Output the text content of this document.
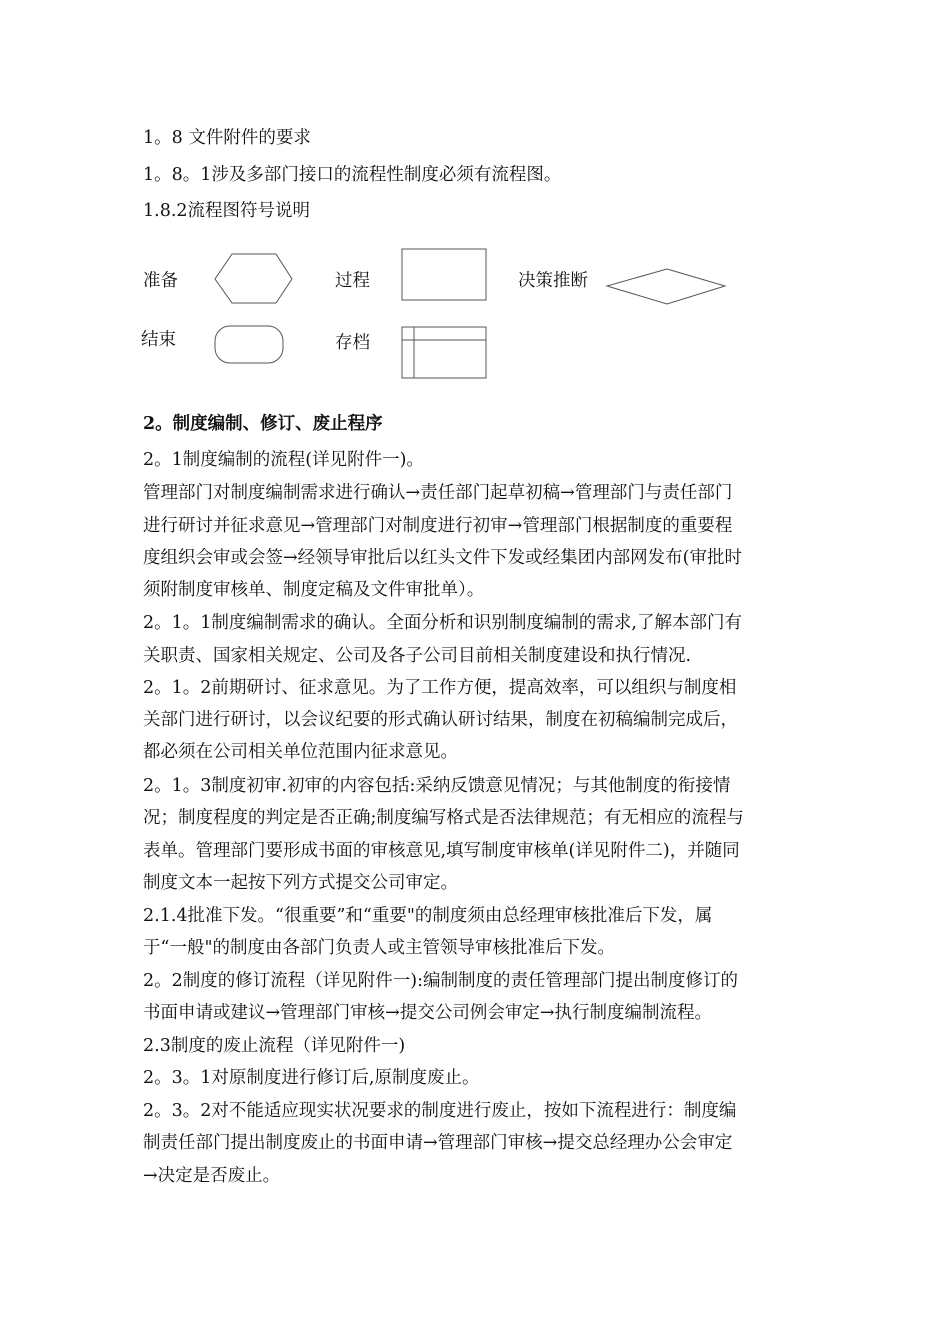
1。8 文件附件的要求
1。8。1涉及多部门接口的流程性制度必须有流程图。
1.8.2流程图符号说明
准备	过程	决策推断
结束	存档
2。制度编制、修订、废止程序
2。1制度编制的流程(详见附件一)。
管理部门对制度编制需求进行确认→责任部门起草初稿→管理部门与责任部门
进行研讨并征求意见→管理部门对制度进行初审→管理部门根据制度的重要程
度组织会审或会签→经领导审批后以红头文件下发或经集团内部网发布(审批时
须附制度审核单、制度定稿及文件审批单）。
2。1。1制度编制需求的确认。全面分析和识别制度编制的需求,了解本部门有
关职责、国家相关规定、公司及各子公司目前相关制度建设和执行情况.
2。1。2前期研讨、征求意见。为了工作方便，提高效率，可以组织与制度相
关部门进行研讨，以会议纪要的形式确认研讨结果，制度在初稿编制完成后，
都必须在公司相关单位范围内征求意见。
2。1。3制度初审.初审的内容包括:采纳反馈意见情况；与其他制度的衔接情
况；制度程度的判定是否正确;制度编写格式是否法律规范；有无相应的流程与
表单。管理部门要形成书面的审核意见,填写制度审核单(详见附件二)，并随同
制度文本一起按下列方式提交公司审定。
2.1.4批准下发。“很重要”和“重要"的制度须由总经理审核批准后下发，属
于“一般"的制度由各部门负责人或主管领导审核批准后下发。
2。2制度的修订流程（详见附件一):编制制度的责任管理部门提出制度修订的
书面申请或建议→管理部门审核→提交公司例会审定→执行制度编制流程。
2.3制度的废止流程（详见附件一)
2。3。1对原制度进行修订后,原制度废止。
2。3。2对不能适应现实状况要求的制度进行废止，按如下流程进行：制度编
制责任部门提出制度废止的书面申请→管理部门审核→提交总经理办公会审定
→决定是否废止。
